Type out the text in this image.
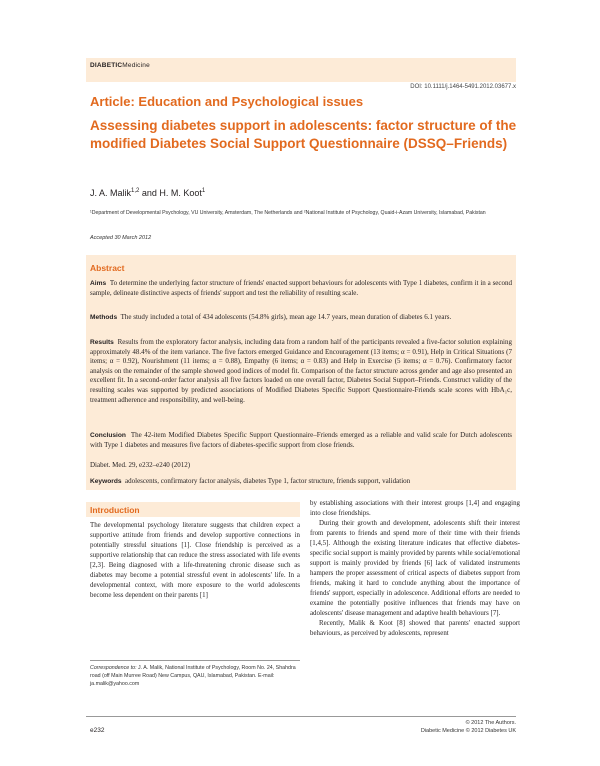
DIABETICMedicine
DOI: 10.1111/j.1464-5491.2012.03677.x
Article: Education and Psychological issues
Assessing diabetes support in adolescents: factor structure of the modified Diabetes Social Support Questionnaire (DSSQ–Friends)
J. A. Malik$^{1,2}$ and H. M. Koot$^1$
¹Department of Developmental Psychology, VU University, Amsterdam, The Netherlands and ²National Institute of Psychology, Quaid-i-Azam University, Islamabad, Pakistan
Accepted 30 March 2012
Abstract
Aims To determine the underlying factor structure of friends' enacted support behaviours for adolescents with Type 1 diabetes, confirm it in a second sample, delineate distinctive aspects of friends' support and test the reliability of resulting scale.
Methods The study included a total of 434 adolescents (54.8% girls), mean age 14.7 years, mean duration of diabetes 6.1 years.
Results Results from the exploratory factor analysis, including data from a random half of the participants revealed a five-factor solution explaining approximately 48.4% of the item variance. The five factors emerged Guidance and Encouragement (13 items; α = 0.91), Help in Critical Situations (7 items; α = 0.92), Nourishment (11 items; α = 0.88), Empathy (6 items; α = 0.83) and Help in Exercise (5 items; α = 0.76). Confirmatory factor analysis on the remainder of the sample showed good indices of model fit. Comparison of the factor structure across gender and age also presented an excellent fit. In a second-order factor analysis all five factors loaded on one overall factor, Diabetes Social Support–Friends. Construct validity of the resulting scales was supported by predicted associations of Modified Diabetes Specific Support Questionnaire-Friends scale scores with HbA₁c, treatment adherence and responsibility, and well-being.
Conclusion The 42-item Modified Diabetes Specific Support Questionnaire–Friends emerged as a reliable and valid scale for Dutch adolescents with Type 1 diabetes and measures five factors of diabetes-specific support from close friends.
Diabet. Med. 29, e232–e240 (2012)
Keywords adolescents, confirmatory factor analysis, diabetes Type 1, factor structure, friends support, validation
Introduction

The developmental psychology literature suggests that children expect a supportive attitude from friends and develop supportive connections in potentially stressful situations [1]. Close friendship is perceived as a supportive relationship that can reduce the stress associated with life events [2,3]. Being diagnosed with a life-threatening chronic disease such as diabetes may become a potential stressful event in adolescents' life. In a developmental context, with more exposure to the world adolescents become less dependent on their parents [1]

by establishing associations with their interest groups [1,4] and engaging into close friendships.

During their growth and development, adolescents shift their interest from parents to friends and spend more of their time with their friends [1,4,5]. Although the existing literature indicates that effective diabetes-specific social support is mainly provided by parents while social/emotional support is mainly provided by friends [6] lack of validated instruments hampers the proper assessment of critical aspects of diabetes support from friends, making it hard to conclude anything about the importance of friends' support, especially in adolescence. Additional efforts are needed to examine the potentially positive influences that friends may have on adolescents' disease management and adaptive health behaviours [7].

Recently, Malik & Koot [8] showed that parents' enacted support behaviours, as perceived by adolescents, represent

Correspondence to: J. A. Malik, National Institute of Psychology, Room No. 24, Shahdra road (off Main Murree Road) New Campus, QAU, Islamabad, Pakistan. E-mail: ja.malik@yahoo.com
e232
© 2012 The Authors.
Diabetic Medicine © 2012 Diabetes UK
